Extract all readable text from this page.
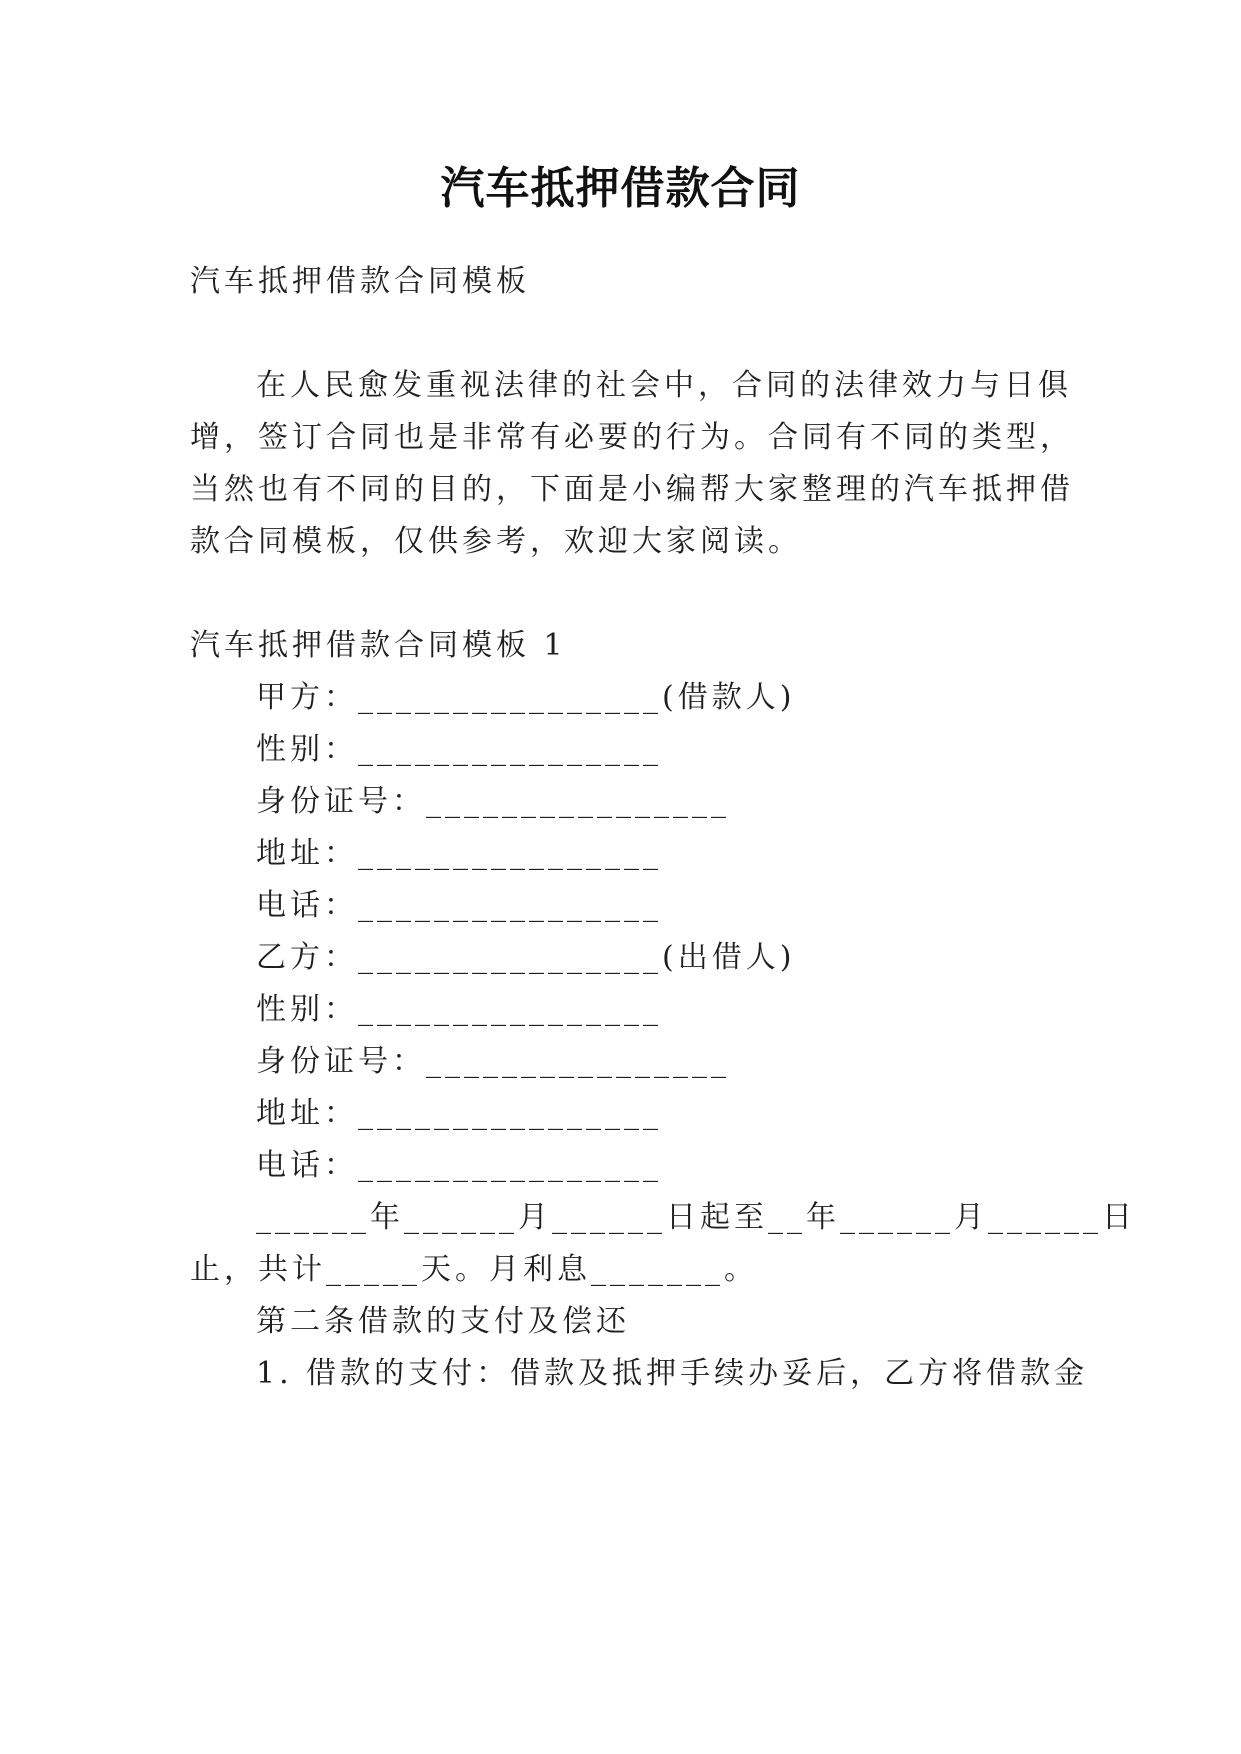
汽车抵押借款合同
汽车抵押借款合同模板
在人民愈发重视法律的社会中，合同的法律效力与日俱
增，签订合同也是非常有必要的行为。合同有不同的类型，
当然也有不同的目的，下面是小编帮大家整理的汽车抵押借
款合同模板，仅供参考，欢迎大家阅读。
汽车抵押借款合同模板 1
甲方：________________(借款人)
性别：________________
身份证号：________________
地址：________________
电话：________________
乙方：________________(出借人)
性别：________________
身份证号：________________
地址：________________
电话：________________
______年______月______日起至__年______月______日
止，共计_____天。月利息_______。
第二条借款的支付及偿还
1. 借款的支付：借款及抵押手续办妥后，乙方将借款金
